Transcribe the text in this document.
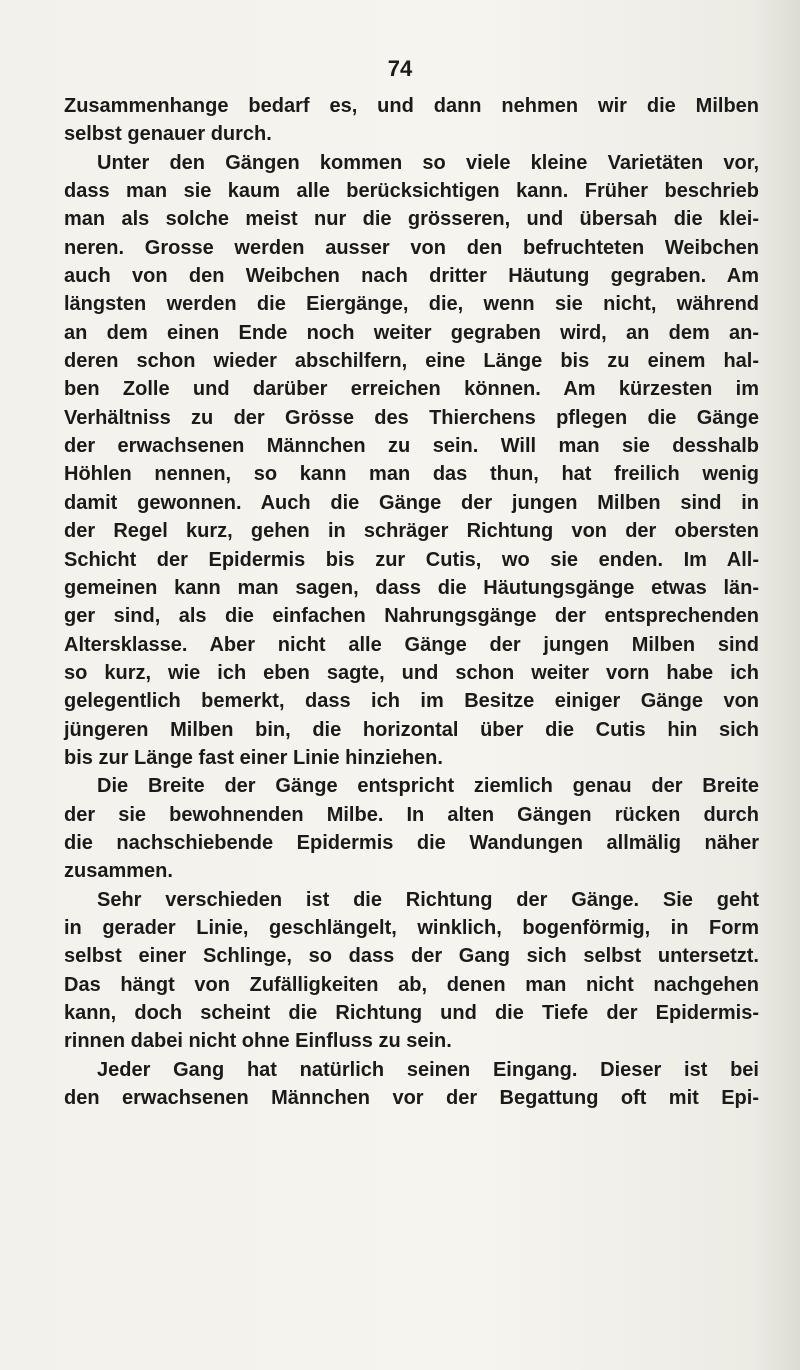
74
Zusammenhange bedarf es, und dann nehmen wir die Milben
selbst genauer durch.
Unter den Gängen kommen so viele kleine Varietäten vor,
dass man sie kaum alle berücksichtigen kann. Früher beschrieb
man als solche meist nur die grösseren, und übersah die klei-
neren. Grosse werden ausser von den befruchteten Weibchen
auch von den Weibchen nach dritter Häutung gegraben. Am
längsten werden die Eiergänge, die, wenn sie nicht, während
an dem einen Ende noch weiter gegraben wird, an dem an-
deren schon wieder abschilfern, eine Länge bis zu einem hal-
ben Zolle und darüber erreichen können. Am kürzesten im
Verhältniss zu der Grösse des Thierchens pflegen die Gänge
der erwachsenen Männchen zu sein. Will man sie desshalb
Höhlen nennen, so kann man das thun, hat freilich wenig
damit gewonnen. Auch die Gänge der jungen Milben sind in
der Regel kurz, gehen in schräger Richtung von der obersten
Schicht der Epidermis bis zur Cutis, wo sie enden. Im All-
gemeinen kann man sagen, dass die Häutungsgänge etwas län-
ger sind, als die einfachen Nahrungsgänge der entsprechenden
Altersklasse. Aber nicht alle Gänge der jungen Milben sind
so kurz, wie ich eben sagte, und schon weiter vorn habe ich
gelegentlich bemerkt, dass ich im Besitze einiger Gänge von
jüngeren Milben bin, die horizontal über die Cutis hin sich
bis zur Länge fast einer Linie hinziehen.
Die Breite der Gänge entspricht ziemlich genau der Breite
der sie bewohnenden Milbe. In alten Gängen rücken durch
die nachschiebende Epidermis die Wandungen allmälig näher
zusammen.
Sehr verschieden ist die Richtung der Gänge. Sie geht
in gerader Linie, geschlängelt, winklich, bogenförmig, in Form
selbst einer Schlinge, so dass der Gang sich selbst untersetzt.
Das hängt von Zufälligkeiten ab, denen man nicht nachgehen
kann, doch scheint die Richtung und die Tiefe der Epidermis-
rinnen dabei nicht ohne Einfluss zu sein.
Jeder Gang hat natürlich seinen Eingang. Dieser ist bei
den erwachsenen Männchen vor der Begattung oft mit Epi-
